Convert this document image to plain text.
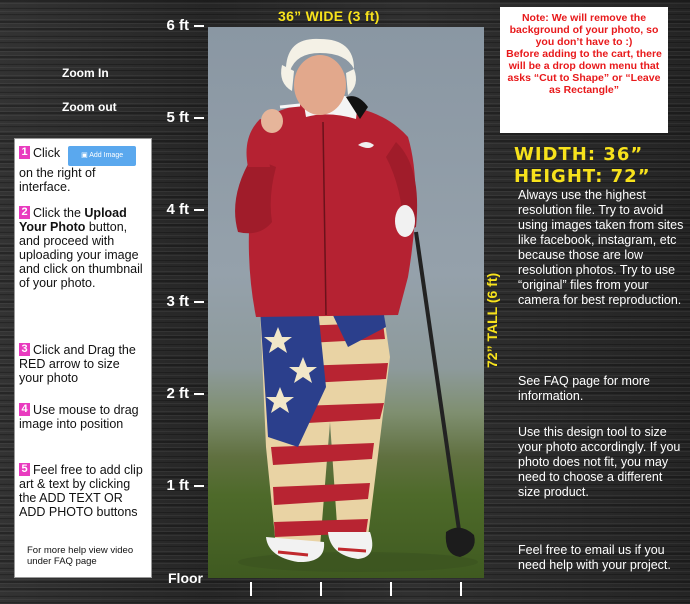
Zoom In
Zoom out
6 ft
5 ft
4 ft
3 ft
2 ft
1 ft
Floor
36” WIDE (3 ft)
72” TALL (6 ft)
Note: We will remove the background of your photo, so you don’t have to :)
Before adding to the cart, there will be a drop down menu that asks “Cut to Shape” or “Leave as Rectangle”
WIDTH: 36”
HEIGHT: 72”
Always use the highest resolution file. Try to avoid using images taken from sites like facebook, instagram, etc because those are low resolution photos. Try to use “original” files from your camera for best reproduction.
See FAQ page for more information.
Use this design tool to size your photo accordingly. If you photo does not fit, you may need to choose a different size product.
Feel free to email us if you need help with your project.
1 Click	▣ Add Image
on the right of interface.
2 Click the Upload Your Photo button, and proceed with uploading your image and click on thumbnail of your photo.
3 Click and Drag the RED arrow to size your photo
4 Use mouse to drag image into position
5 Feel free to add clip art & text by clicking the ADD TEXT OR ADD PHOTO buttons
For more help view video under FAQ page
